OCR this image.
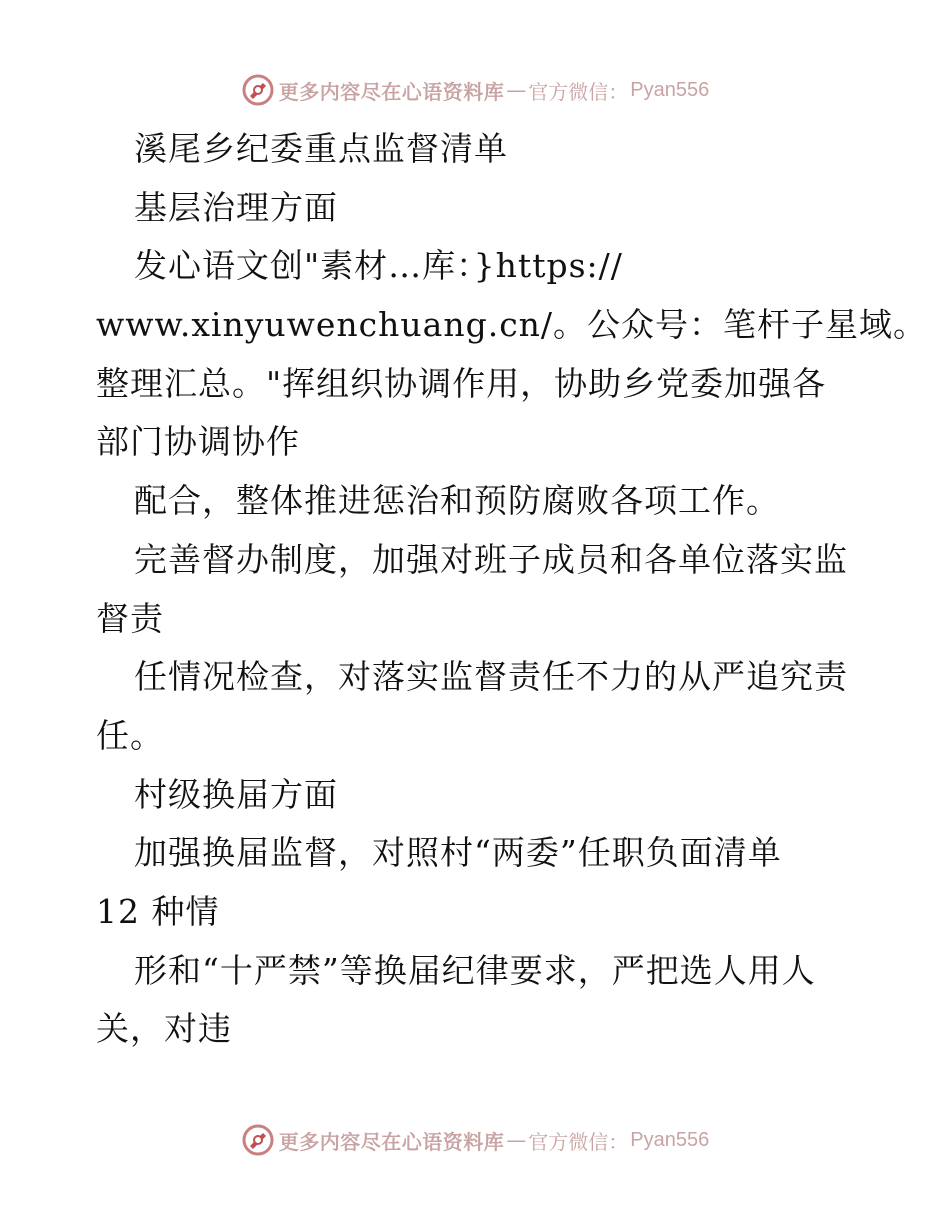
更多内容尽在心语资料库 — 官方微信： Pyan556
溪尾乡纪委重点监督清单
基层治理方面
发心语文创"素材…库：}https://
www.xinyuwenchuang.cn/。公众号：笔杆子星域。
整理汇总。"挥组织协调作用，协助乡党委加强各
部门协调协作
配合，整体推进惩治和预防腐败各项工作。
完善督办制度，加强对班子成员和各单位落实监
督责
任情况检查，对落实监督责任不力的从严追究责
任。
村级换届方面
加强换届监督，对照村“两委”任职负面清单
12 种情
形和“十严禁”等换届纪律要求，严把选人用人
关，对违
更多内容尽在心语资料库 — 官方微信： Pyan556
